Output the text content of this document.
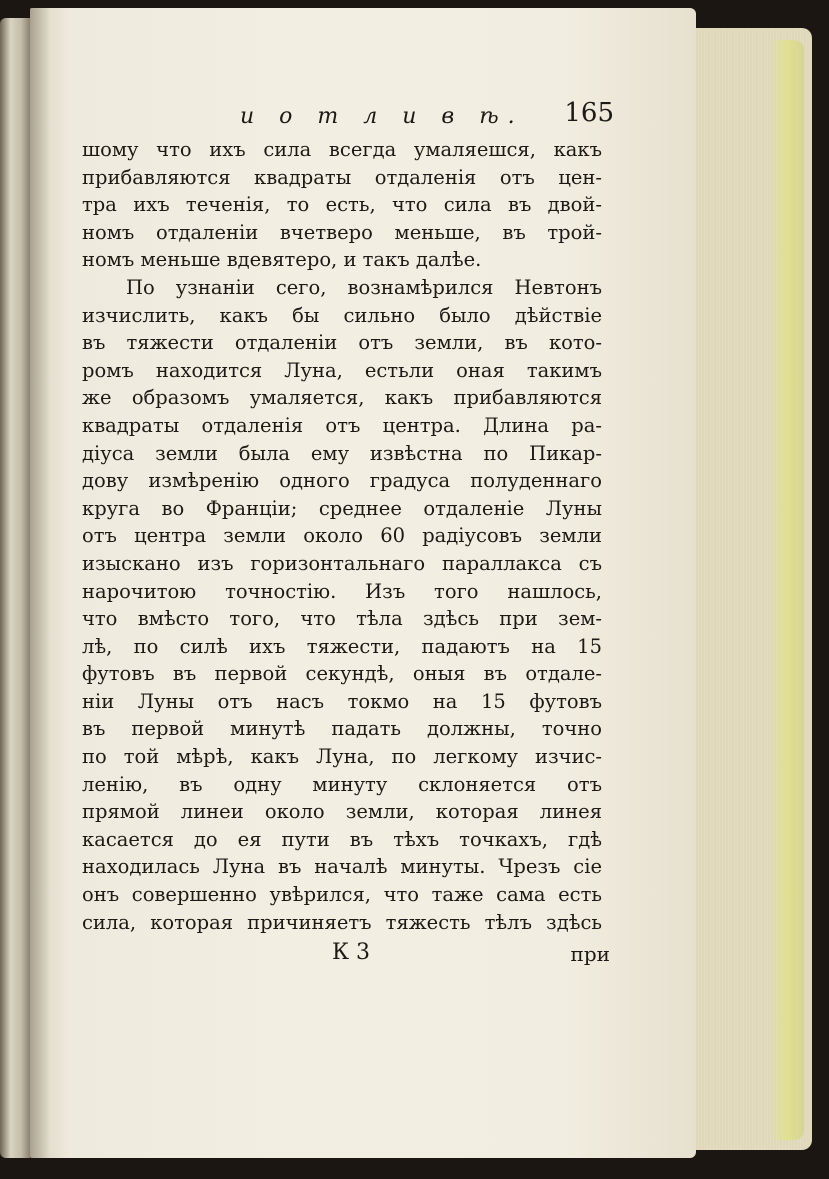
и о т л и в ѣ. 165
шому что ихъ сила всегда умаляешся, какъ
прибавляются квадраты отдаленія отъ цен-
тра ихъ теченія, то есть, что сила въ двой-
номъ отдаленіи вчетверо меньше, въ трой-
номъ меньше вдевятеро, и такъ далѣе.
По узнаніи сего, вознамѣрился Невтонъ
изчислить, какъ бы сильно было дѣйствіе
въ тяжести отдаленіи отъ земли, въ кото-
ромъ находится Луна, естьли оная такимъ
же образомъ умаляется, какъ прибавляются
квадраты отдаленія отъ центра. Длина ра-
діуса земли была ему извѣстна по Пикар-
дову измѣренію одного градуса полуденнаго
круга во Франціи; среднее отдаленіе Луны
отъ центра земли около 60 радіусовъ земли
изыскано изъ горизонтальнаго параллакса съ
нарочитою точностію. Изъ того нашлось,
что вмѣсто того, что тѣла здѣсь при зем-
лѣ, по силѣ ихъ тяжести, падаютъ на 15
футовъ въ первой секундѣ, оныя въ отдале-
ніи Луны отъ насъ токмо на 15 футовъ
въ первой минутѣ падать должны, точно
по той мѣрѣ, какъ Луна, по легкому изчис-
ленію, въ одну минуту склоняется отъ
прямой линеи около земли, которая линея
касается до ея пути въ тѣхъ точкахъ, гдѣ
находилась Луна въ началѣ минуты. Чрезъ сіе
онъ совершенно увѣрился, что таже сама есть
сила, которая причиняетъ тяжесть тѣлъ здѣсь
К 3	при
